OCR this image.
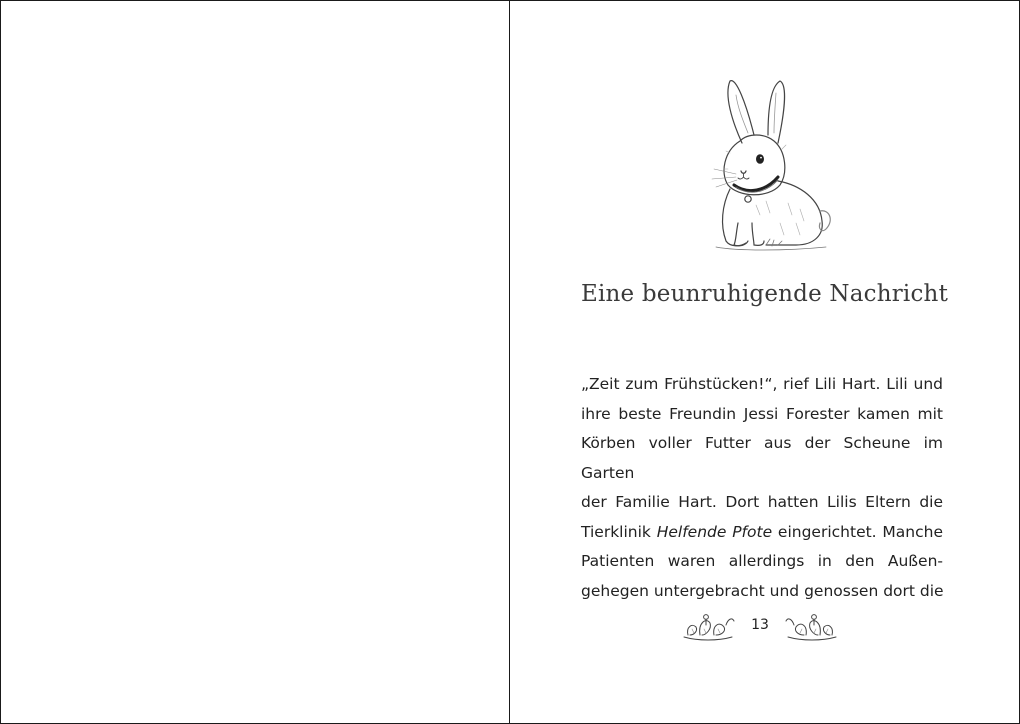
Eine beunruhigende Nachricht
„Zeit zum Frühstücken!“, rief Lili Hart. Lili und
ihre beste Freundin Jessi Forester kamen mit
Körben voller Futter aus der Scheune im Garten
der Familie Hart. Dort hatten Lilis Eltern die
Tierklinik Helfende Pfote eingerichtet. Manche
Patienten waren allerdings in den Außen-
gehegen untergebracht und genossen dort die
13
